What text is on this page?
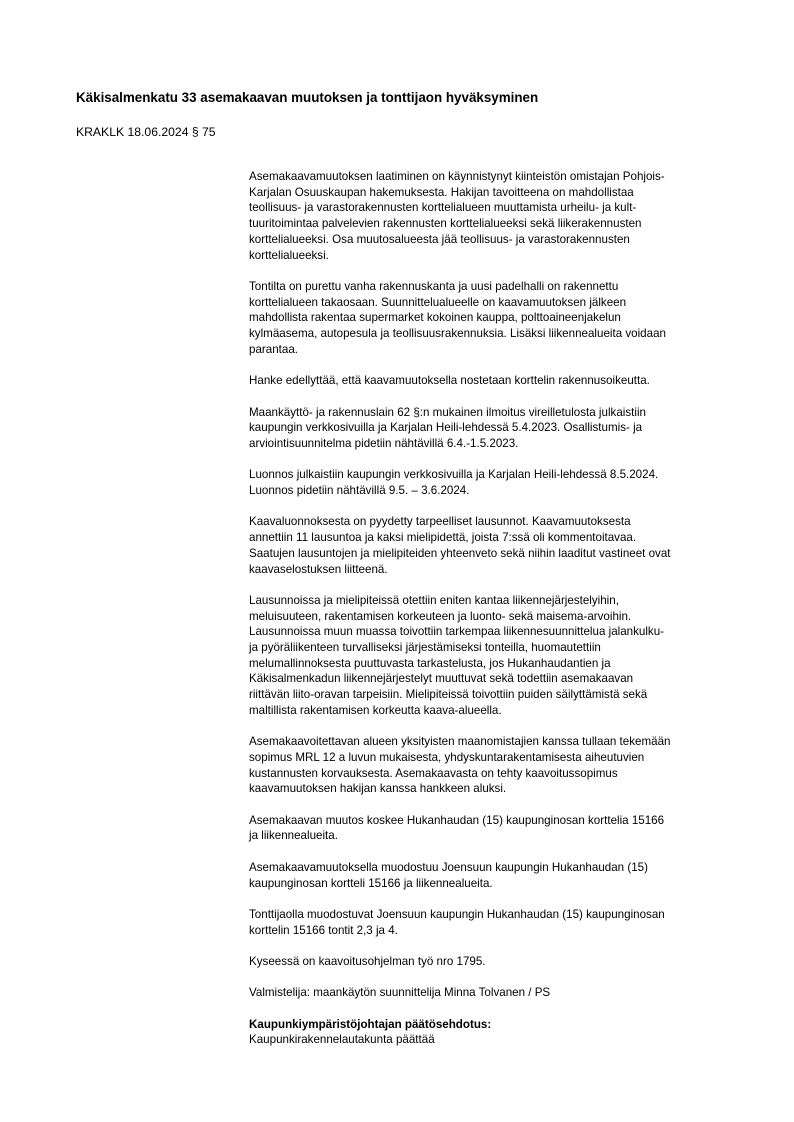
Käkisalmenkatu 33 asemakaavan muutoksen ja tonttijaon hyväksyminen
KRAKLK 18.06.2024 § 75
Asemakaavamuutoksen laatiminen on käynnistynyt kiinteistön omistajan Pohjois-
Karjalan Osuuskaupan hakemuksesta. Hakijan tavoitteena on mahdollistaa
teollisuus- ja varastorakennusten korttelialueen muuttamista urheilu- ja kult-
tuuritoimintaa palvelevien rakennusten korttelialueeksi sekä liikerakennusten
korttelialueeksi. Osa muutosalueesta jää teollisuus- ja varastorakennusten
korttelialueeksi.
Tontilta on purettu vanha rakennuskanta ja uusi padelhalli on rakennettu
korttelialueen takaosaan. Suunnittelualueelle on kaavamuutoksen jälkeen
mahdollista rakentaa supermarket kokoinen kauppa, polttoaineenjakelun
kylmäasema, autopesula ja teollisuusrakennuksia. Lisäksi liikennealueita voidaan
parantaa.
Hanke edellyttää, että kaavamuutoksella nostetaan korttelin rakennusoikeutta.
Maankäyttö- ja rakennuslain 62 §:n mukainen ilmoitus vireilletulosta julkaistiin
kaupungin verkkosivuilla ja Karjalan Heili-lehdessä 5.4.2023. Osallistumis- ja
arviointisuunnitelma pidetiin nähtävillä 6.4.-1.5.2023.
Luonnos julkaistiin kaupungin verkkosivuilla ja Karjalan Heili-lehdessä 8.5.2024.
Luonnos pidetiin nähtävillä 9.5. – 3.6.2024.
Kaavaluonnoksesta on pyydetty tarpeelliset lausunnot. Kaavamuutoksesta
annettiin 11 lausuntoa ja kaksi mielipidettä, joista 7:ssä oli kommentoitavaa.
Saatujen lausuntojen ja mielipiteiden yhteenveto sekä niihin laaditut vastineet ovat
kaavaselostuksen liitteenä.
Lausunnoissa ja mielipiteissä otettiin eniten kantaa liikennejärjestelyihin,
meluisuuteen, rakentamisen korkeuteen ja luonto- sekä maisema-arvoihin.
Lausunnoissa muun muassa toivottiin tarkempaa liikennesuunnittelua jalankulku-
ja pyöräliikenteen turvalliseksi järjestämiseksi tonteilla, huomautettiin
melumallinnoksesta puuttuvasta tarkastelusta, jos Hukanhaudantien ja
Käkisalmenkadun liikennejärjestelyt muuttuvat sekä todettiin asemakaavan
riittävän liito-oravan tarpeisiin. Mielipiteissä toivottiin puiden säilyttämistä sekä
maltillista rakentamisen korkeutta kaava-alueella.
Asemakaavoitettavan alueen yksityisten maanomistajien kanssa tullaan tekemään
sopimus MRL 12 a luvun mukaisesta, yhdyskuntarakentamisesta aiheutuvien
kustannusten korvauksesta. Asemakaavasta on tehty kaavoitussopimus
kaavamuutoksen hakijan kanssa hankkeen aluksi.
Asemakaavan muutos koskee Hukanhaudan (15) kaupunginosan korttelia 15166
ja liikennealueita.
Asemakaavamuutoksella muodostuu Joensuun kaupungin Hukanhaudan (15)
kaupunginosan kortteli 15166 ja liikennealueita.
Tonttijaolla muodostuvat Joensuun kaupungin Hukanhaudan (15) kaupunginosan
korttelin 15166 tontit 2,3 ja 4.
Kyseessä on kaavoitusohjelman työ nro 1795.
Valmistelija: maankäytön suunnittelija Minna Tolvanen / PS
Kaupunkiympäristöjohtajan päätösehdotus:
Kaupunkirakennelautakunta päättää
